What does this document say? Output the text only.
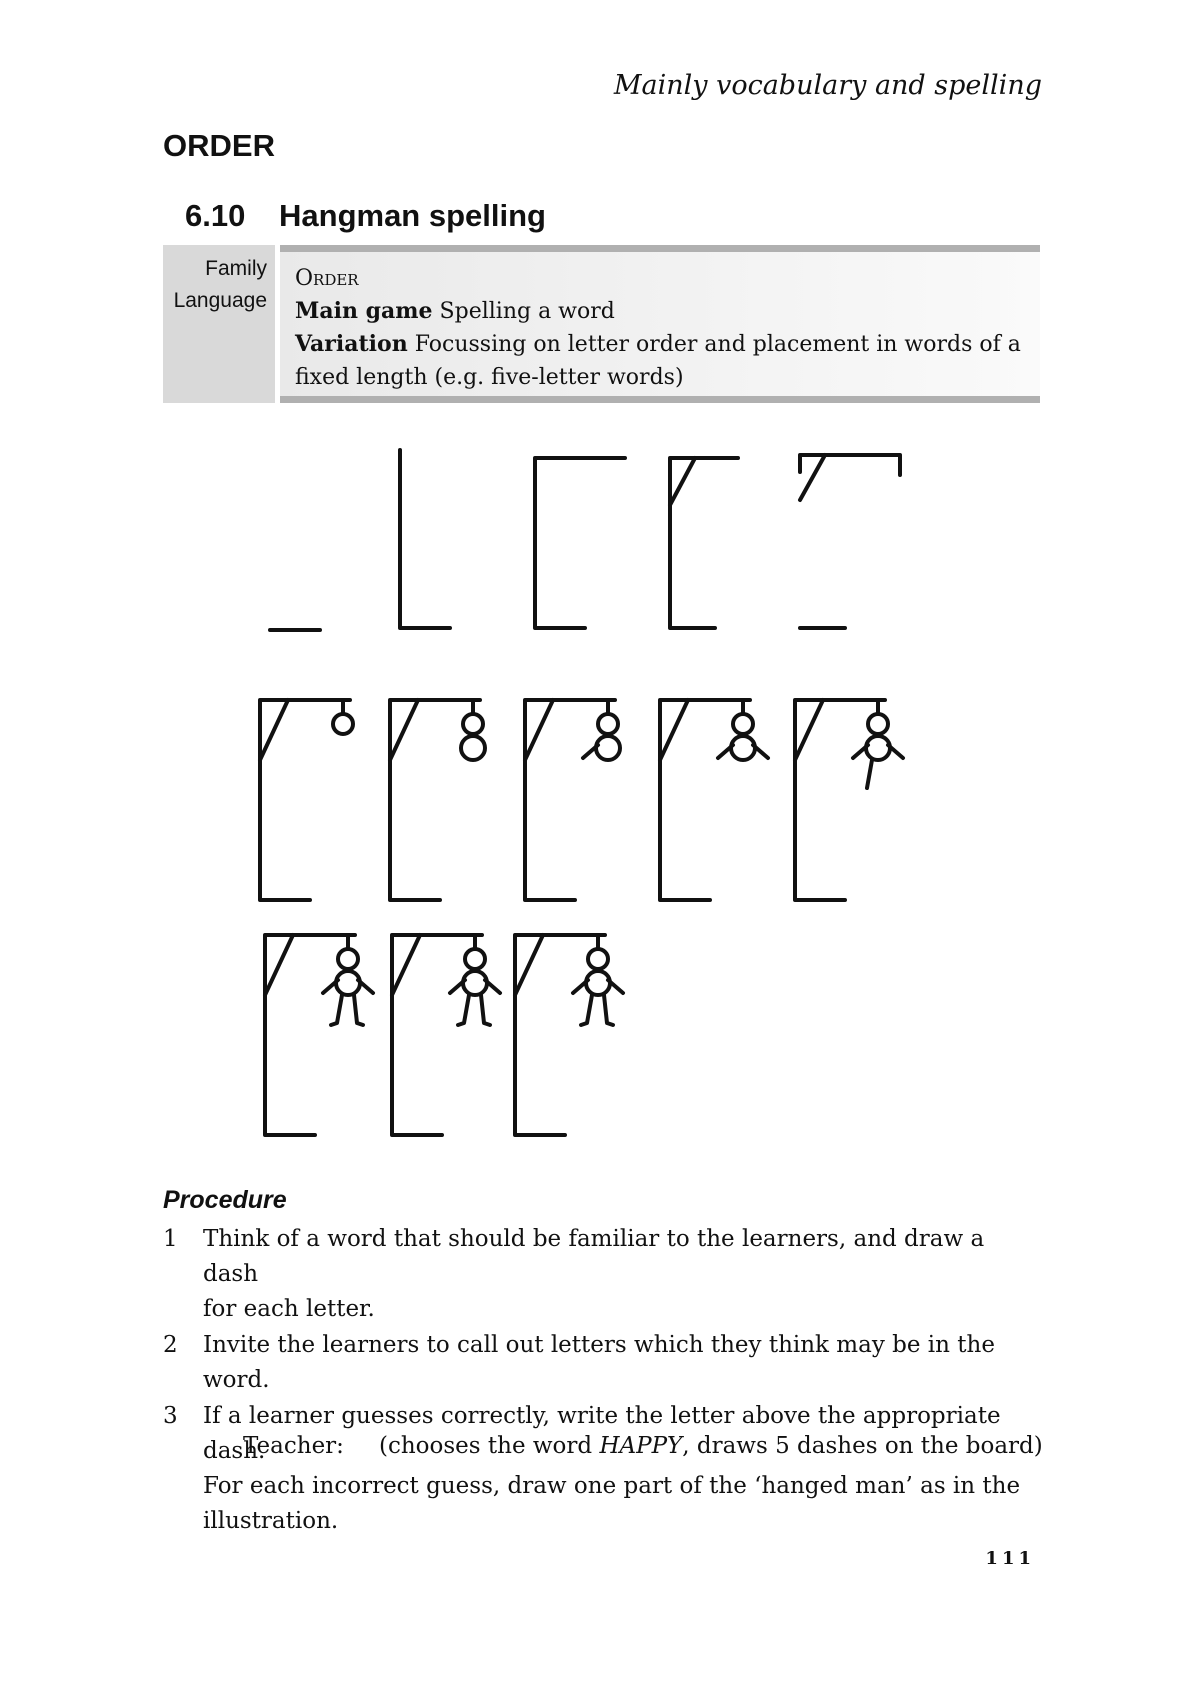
Mainly vocabulary and spelling
ORDER
6.10 Hangman spelling
Family
Language
Order
Main game Spelling a word
Variation Focussing on letter order and placement in words of a
fixed length (e.g. five-letter words)
Procedure
1 Think of a word that should be familiar to the learners, and draw a dash
for each letter.
2 Invite the learners to call out letters which they think may be in the word.
3 If a learner guesses correctly, write the letter above the appropriate dash.
For each incorrect guess, draw one part of the ‘hanged man’ as in the
illustration.
Teacher: (chooses the word HAPPY, draws 5 dashes on the board)
111
